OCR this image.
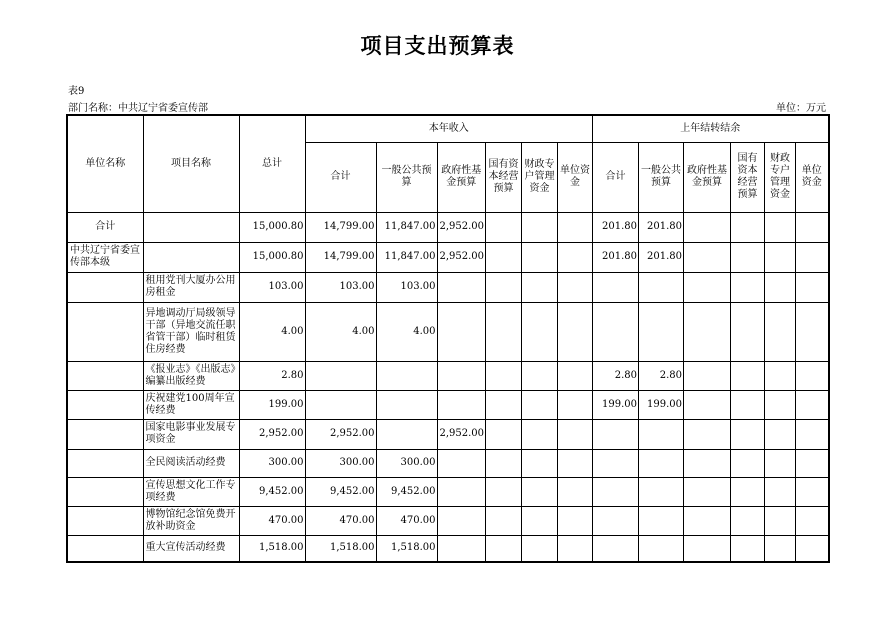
项目支出预算表
表9
部门名称：中共辽宁省委宣传部	单位：万元
单位名称	项目名称	总计	本年收入						上年结转结余					
			合计	一般公共预算	政府性基金预算	国有资本经营预算	财政专户管理资金	单位资金	合计	一般公共预算	政府性基金预算	国有资本经营预算	财政专户管理资金	单位资金
合计		15,000.80	14,799.00	11,847.00	2,952.00				201.80	201.80				
中共辽宁省委宣传部本级		15,000.80	14,799.00	11,847.00	2,952.00				201.80	201.80				
	租用党刊大厦办公用房租金	103.00	103.00	103.00										
	异地调动厅局级领导干部（异地交流任职省管干部）临时租赁住房经费	4.00	4.00	4.00										
	《报业志》《出版志》编纂出版经费	2.80							2.80	2.80				
	庆祝建党100周年宣传经费	199.00							199.00	199.00				
	国家电影事业发展专项资金	2,952.00	2,952.00		2,952.00									
	全民阅读活动经费	300.00	300.00	300.00										
	宣传思想文化工作专项经费	9,452.00	9,452.00	9,452.00										
	博物馆纪念馆免费开放补助资金	470.00	470.00	470.00										
	重大宣传活动经费	1,518.00	1,518.00	1,518.00										
